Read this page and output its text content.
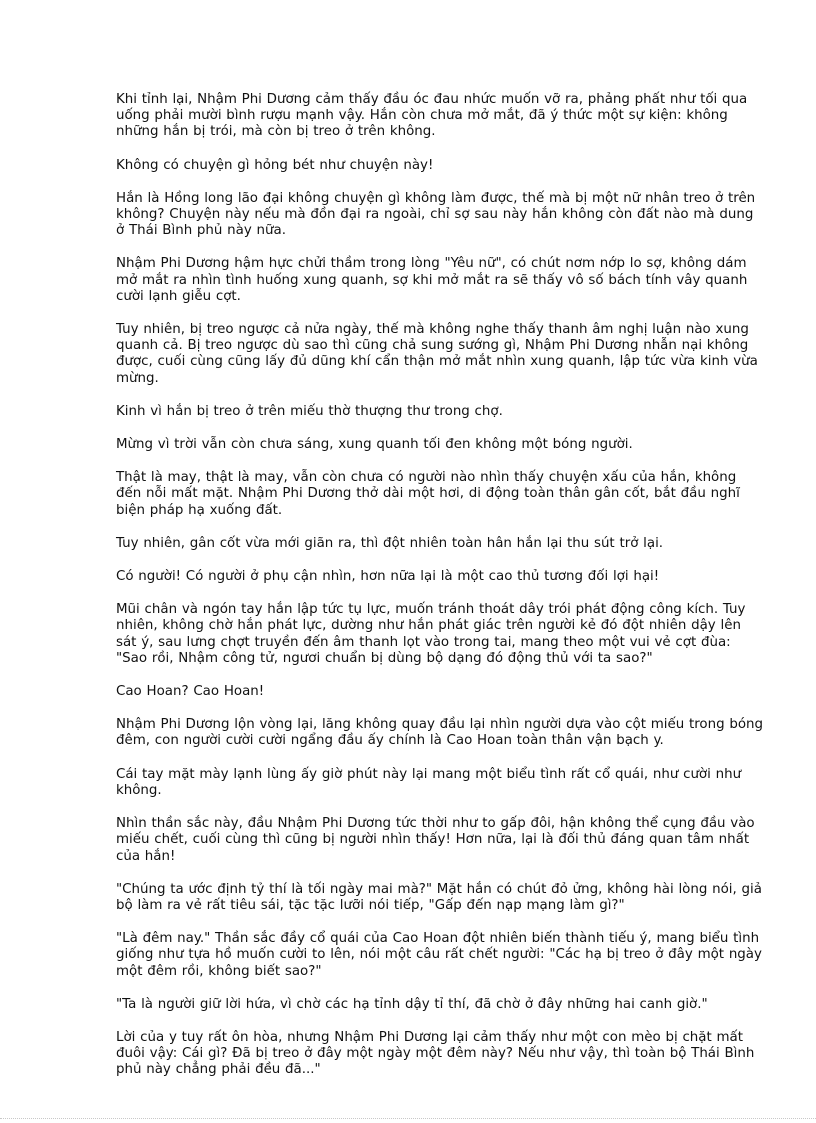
Khi tỉnh lại, Nhậm Phi Dương cảm thấy đầu óc đau nhức muốn vỡ ra, phảng phất như tối qua uống phải mười bình rượu mạnh vậy. Hắn còn chưa mở mắt, đã ý thức một sự kiện: không những hắn bị trói, mà còn bị treo ở trên không.

Không có chuyện gì hỏng bét như chuyện này!

Hắn là Hồng long lão đại không chuyện gì không làm được, thế mà bị một nữ nhân treo ở trên không? Chuyện này nếu mà đồn đại ra ngoài, chỉ sợ sau này hắn không còn đất nào mà dung ở Thái Bình phủ này nữa.

Nhậm Phi Dương hậm hực chửi thầm trong lòng "Yêu nữ", có chút nơm nớp lo sợ, không dám mở mắt ra nhìn tình huống xung quanh, sợ khi mở mắt ra sẽ thấy vô số bách tính vây quanh cười lạnh giễu cợt.

Tuy nhiên, bị treo ngược cả nửa ngày, thế mà không nghe thấy thanh âm nghị luận nào xung quanh cả. Bị treo ngược dù sao thì cũng chả sung sướng gì, Nhậm Phi Dương nhẫn nại không được, cuối cùng cũng lấy đủ dũng khí cẩn thận mở mắt nhìn xung quanh, lập tức vừa kinh vừa mừng.

Kinh vì hắn bị treo ở trên miếu thờ thượng thư trong chợ.

Mừng vì trời vẫn còn chưa sáng, xung quanh tối đen không một bóng người.

Thật là may, thật là may, vẫn còn chưa có người nào nhìn thấy chuyện xấu của hắn, không đến nỗi mất mặt. Nhậm Phi Dương thở dài một hơi, di động toàn thân gân cốt, bắt đầu nghĩ biện pháp hạ xuống đất.

Tuy nhiên, gân cốt vừa mới giãn ra, thì đột nhiên toàn hân hắn lại thu sút trở lại.

Có người! Có người ở phụ cận nhìn, hơn nữa lại là một cao thủ tương đối lợi hại!

Mũi chân và ngón tay hắn lập tức tụ lực, muốn tránh thoát dây trói phát động công kích. Tuy nhiên, không chờ hắn phát lực, dường như hắn phát giác trên người kẻ đó đột nhiên dậy lên sát ý, sau lưng chợt truyền đến âm thanh lọt vào trong tai, mang theo một vui vẻ cợt đùa: "Sao rồi, Nhậm công tử, ngươi chuẩn bị dùng bộ dạng đó động thủ với ta sao?"

Cao Hoan? Cao Hoan!

Nhậm Phi Dương lộn vòng lại, lăng không quay đầu lại nhìn người dựa vào cột miếu trong bóng đêm, con người cười cười ngẩng đầu ấy chính là Cao Hoan toàn thân vận bạch y.

Cái tay mặt mày lạnh lùng ấy giờ phút này lại mang một biểu tình rất cổ quái, như cười như không.

Nhìn thần sắc này, đầu Nhậm Phi Dương tức thời như to gấp đôi, hận không thể cụng đầu vào miếu chết, cuối cùng thì cũng bị người nhìn thấy! Hơn nữa, lại là đối thủ đáng quan tâm nhất của hắn!

"Chúng ta ước định tỷ thí là tối ngày mai mà?" Mặt hắn có chút đỏ ửng, không hài lòng nói, giả bộ làm ra vẻ rất tiêu sái, tặc tặc lưỡi nói tiếp, "Gấp đến nạp mạng làm gì?"

"Là đêm nay." Thần sắc đầy cổ quái của Cao Hoan đột nhiên biến thành tiếu ý, mang biểu tình giống như tựa hồ muốn cười to lên, nói một câu rất chết người: "Các hạ bị treo ở đây một ngày một đêm rồi, không biết sao?"

"Ta là người giữ lời hứa, vì chờ các hạ tỉnh dậy tỉ thí, đã chờ ở đây những hai canh giờ."

Lời của y tuy rất ôn hòa, nhưng Nhậm Phi Dương lại cảm thấy như một con mèo bị chặt mất đuôi vậy: Cái gì? Đã bị treo ở đây một ngày một đêm này? Nếu như vậy, thì toàn bộ Thái Bình phủ này chẳng phải đều đã..."
